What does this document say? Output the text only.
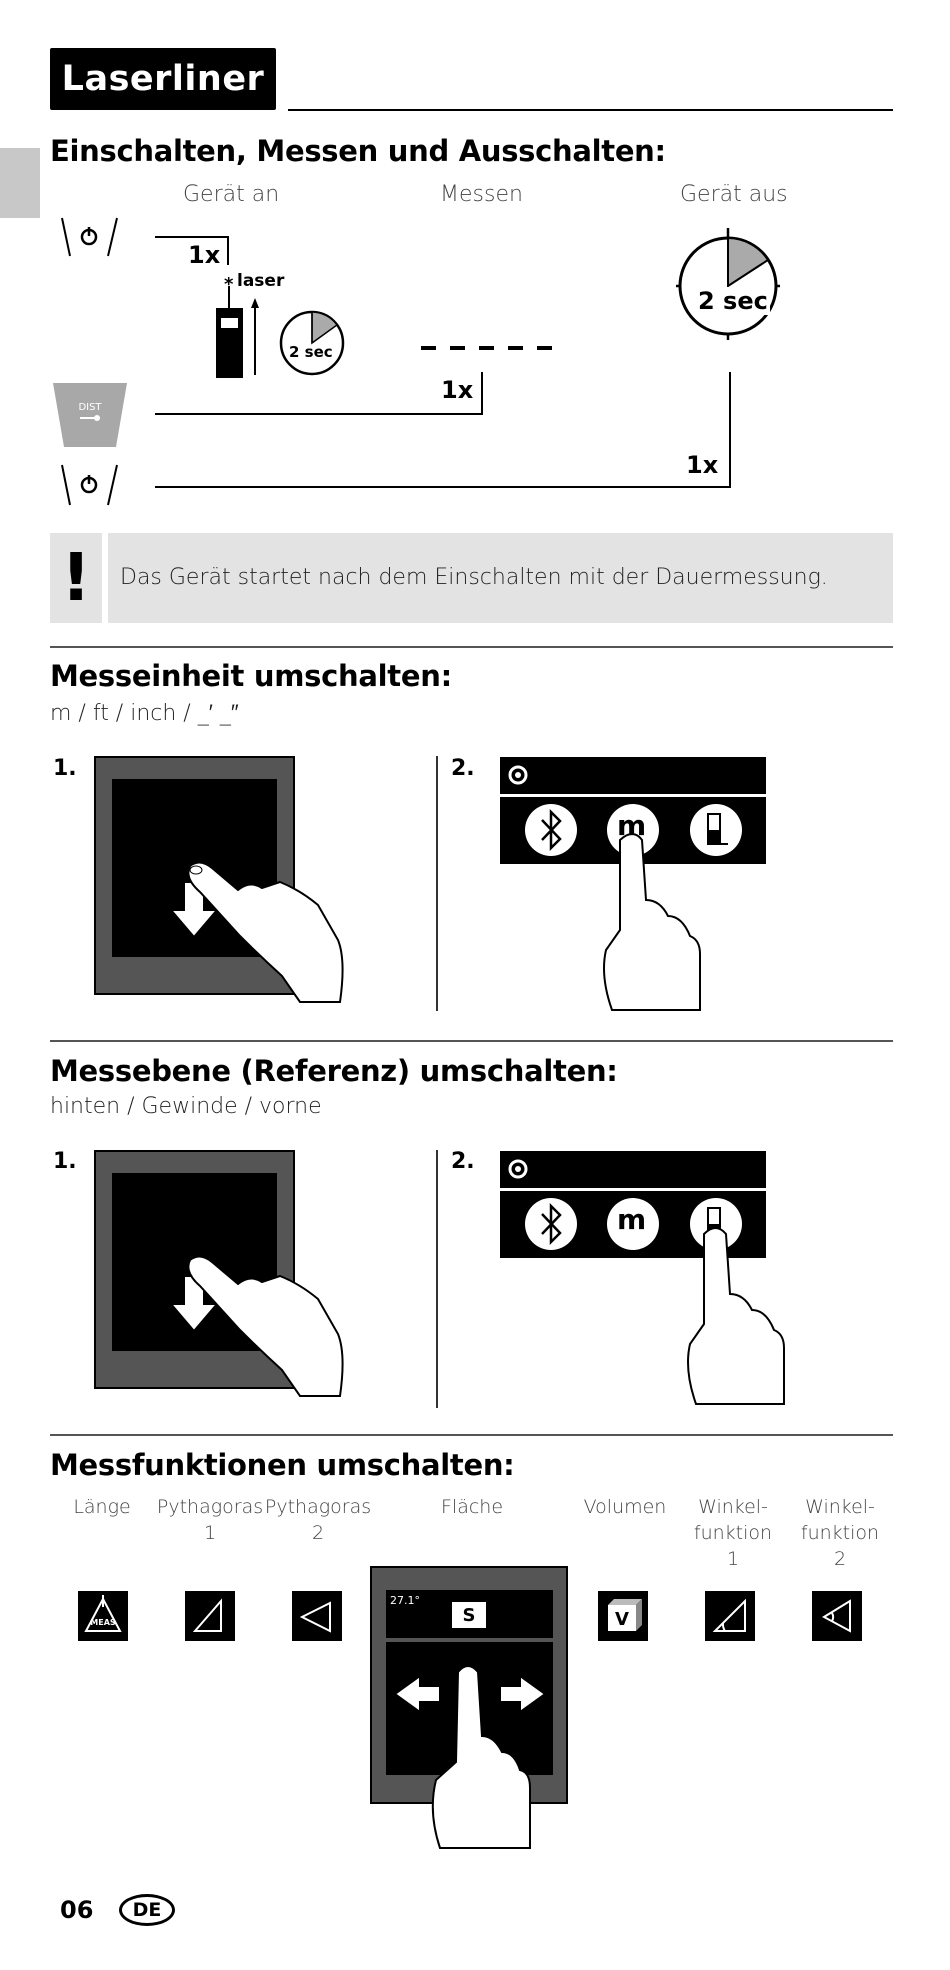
Laserliner
Einschalten, Messen und Ausschalten:
Gerät an	Messen	Gerät aus
DIST
*
1x
laser
2 sec
1x
1x
2 sec
!	Das Gerät startet nach dem Einschalten mit der Dauermessung.
Messeinheit umschalten:
m / ft / inch / _′ _″
1.	2.
m
Messebene (Referenz) umschalten:
hinten / Gewinde / vorne
1.	2.
m
Messfunktionen umschalten:
Länge	Pythagoras
1
Pythagoras
2
Fläche	Volumen	Winkel-
funktion
1
Winkel-
funktion
2
MEAS
27.1°
S	V
06	DE
